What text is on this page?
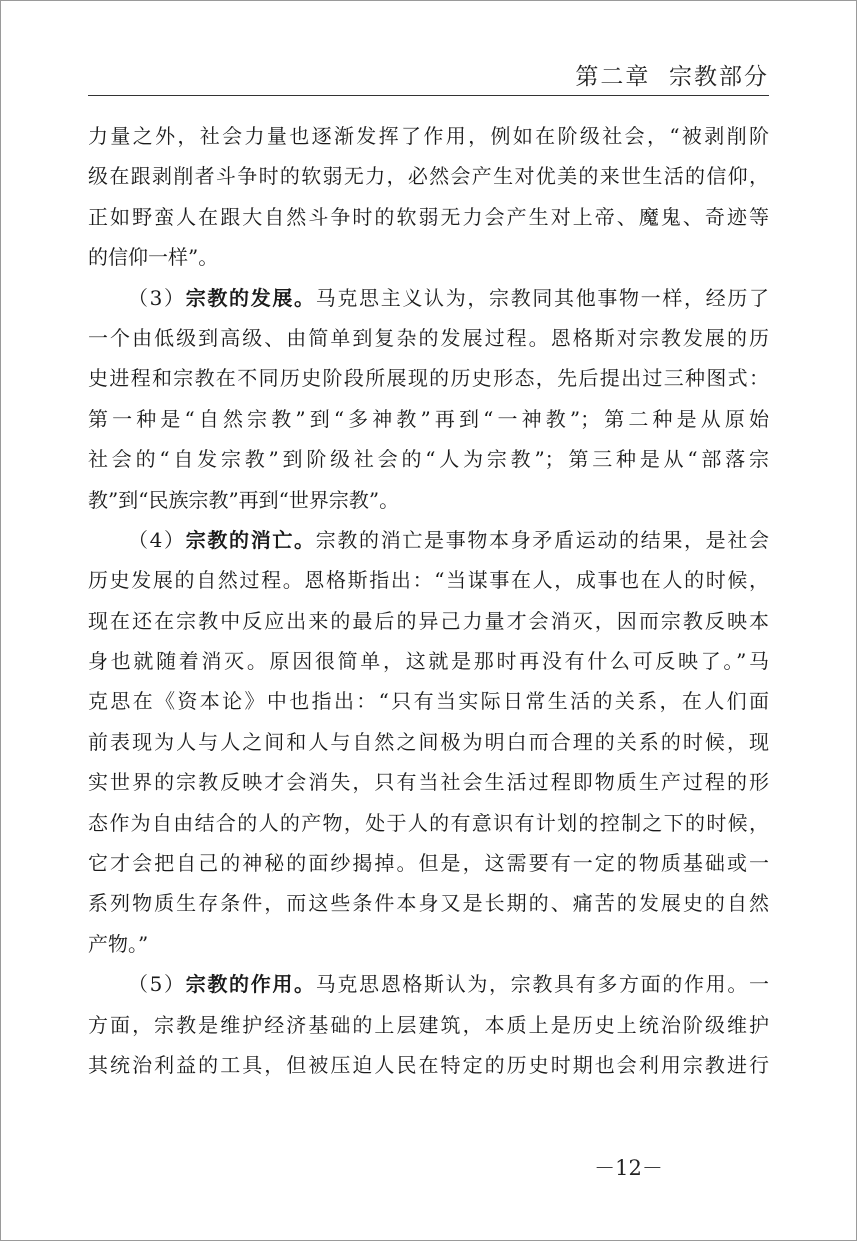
第二章  宗教部分
力量之外，社会力量也逐渐发挥了作用，例如在阶级社会，“被剥削阶
级在跟剥削者斗争时的软弱无力，必然会产生对优美的来世生活的信仰，
正如野蛮人在跟大自然斗争时的软弱无力会产生对上帝、魔鬼、奇迹等
的信仰一样”。
（3）宗教的发展。马克思主义认为，宗教同其他事物一样，经历了
一个由低级到高级、由简单到复杂的发展过程。恩格斯对宗教发展的历
史进程和宗教在不同历史阶段所展现的历史形态，先后提出过三种图式：
第一种是“自然宗教”到“多神教”再到“一神教”；第二种是从原始
社会的“自发宗教”到阶级社会的“人为宗教”；第三种是从“部落宗
教”到“民族宗教”再到“世界宗教”。
（4）宗教的消亡。宗教的消亡是事物本身矛盾运动的结果，是社会
历史发展的自然过程。恩格斯指出：“当谋事在人，成事也在人的时候，
现在还在宗教中反应出来的最后的异己力量才会消灭，因而宗教反映本
身也就随着消灭。原因很简单，这就是那时再没有什么可反映了。”马
克思在《资本论》中也指出：“只有当实际日常生活的关系，在人们面
前表现为人与人之间和人与自然之间极为明白而合理的关系的时候，现
实世界的宗教反映才会消失，只有当社会生活过程即物质生产过程的形
态作为自由结合的人的产物，处于人的有意识有计划的控制之下的时候，
它才会把自己的神秘的面纱揭掉。但是，这需要有一定的物质基础或一
系列物质生存条件，而这些条件本身又是长期的、痛苦的发展史的自然
产物。”
（5）宗教的作用。马克思恩格斯认为，宗教具有多方面的作用。一
方面，宗教是维护经济基础的上层建筑，本质上是历史上统治阶级维护
其统治利益的工具，但被压迫人民在特定的历史时期也会利用宗教进行
－12－
